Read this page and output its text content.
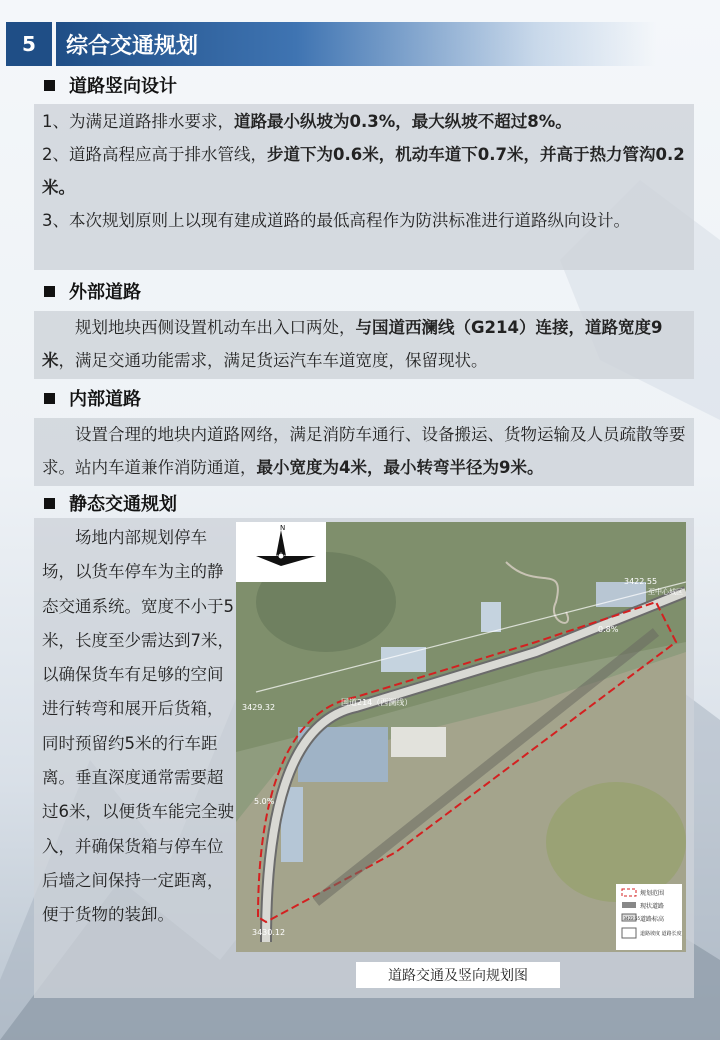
5	综合交通规划
道路竖向设计

1、为满足道路排水要求，道路最小纵坡为0.3%，最大纵坡不超过8%。

2、道路高程应高于排水管线，步道下为0.6米，机动车道下0.7米，并高于热力管沟0.2米。

3、本次规划原则上以现有建成道路的最低高程作为防洪标准进行道路纵向设计。

外部道路

规划地块西侧设置机动车出入口两处，与国道西澜线（G214）连接，道路宽度9米，满足交通功能需求，满足货运汽车车道宽度，保留现状。

内部道路

设置合理的地块内道路网络，满足消防车通行、设备搬运、货物运输及人员疏散等要求。站内车道兼作消防通道，最小宽度为4米，最小转弯半径为9米。

静态交通规划

场地内部规划停车场，以货车停车为主的静态交通系统。宽度不小于5米，长度至少需达到7米，以确保货车有足够的空间进行转弯和展开后货箱，同时预留约5米的行车距离。垂直深度通常需要超过6米，以便货车能完全驶入，并确保货箱与停车位后墙之间保持一定距离，便于货物的装卸。

N
3422.55
至中心城区
0.8%
3429.32
国道214（西澜线）
5.0%
3430.12
3422.55
规划范围
现状道路
道路标高
道路坡度 道路长度
道路交通及竖向规划图
